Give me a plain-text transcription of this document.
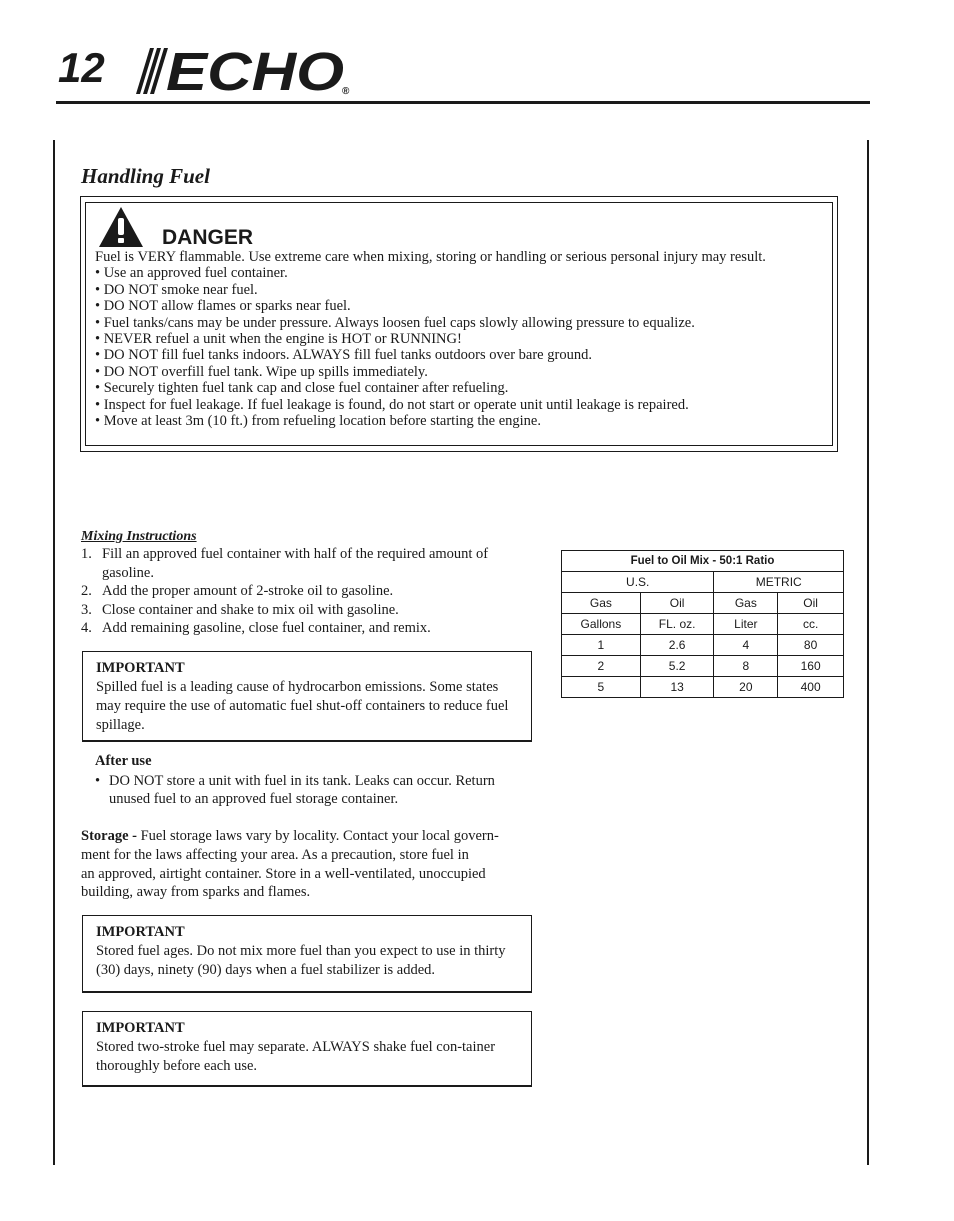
12 ECHO
®
Handling Fuel
DANGER
Fuel is VERY flammable. Use extreme care when mixing, storing or handling or serious personal injury may result.
• Use an approved fuel container.
• DO NOT smoke near fuel.
• DO NOT allow flames or sparks near fuel.
• Fuel tanks/cans may be under pressure. Always loosen fuel caps slowly allowing pressure to equalize.
• NEVER refuel a unit when the engine is HOT or RUNNING!
• DO NOT fill fuel tanks indoors. ALWAYS fill fuel tanks outdoors over bare ground.
• DO NOT overfill fuel tank. Wipe up spills immediately.
• Securely tighten fuel tank cap and close fuel container after refueling.
• Inspect for fuel leakage. If fuel leakage is found, do not start or operate unit until leakage is repaired.
• Move at least 3m (10 ft.) from refueling location before starting the engine.
Mixing Instructions
1. Fill an approved fuel container with half of the required amount of gasoline.
2. Add the proper amount of 2-stroke oil to gasoline.
3. Close container and shake to mix oil with gasoline.
4. Add remaining gasoline, close fuel container, and remix.
IMPORTANT
Spilled fuel is a leading cause of hydrocarbon emissions. Some states may require the use of automatic fuel shut-off containers to reduce fuel spillage.
After use
• DO NOT store a unit with fuel in its tank. Leaks can occur. Return unused fuel to an approved fuel storage container.
Storage - Fuel storage laws vary by locality. Contact your local govern-
ment for the laws affecting your area. As a precaution, store fuel in
an approved, airtight container. Store in a well-ventilated, unoccupied
building, away from sparks and flames.
IMPORTANT
Stored fuel ages. Do not mix more fuel than you expect to use in thirty (30) days, ninety (90) days when a fuel stabilizer is added.
IMPORTANT
Stored two-stroke fuel may separate. ALWAYS shake fuel con-tainer thoroughly before each use.
Fuel to Oil Mix - 50:1 Ratio			
U.S.		METRIC	
Gas	Oil	Gas	Oil
Gallons	FL. oz.	Liter	cc.
1	2.6	4	80
2	5.2	8	160
5	13	20	400
